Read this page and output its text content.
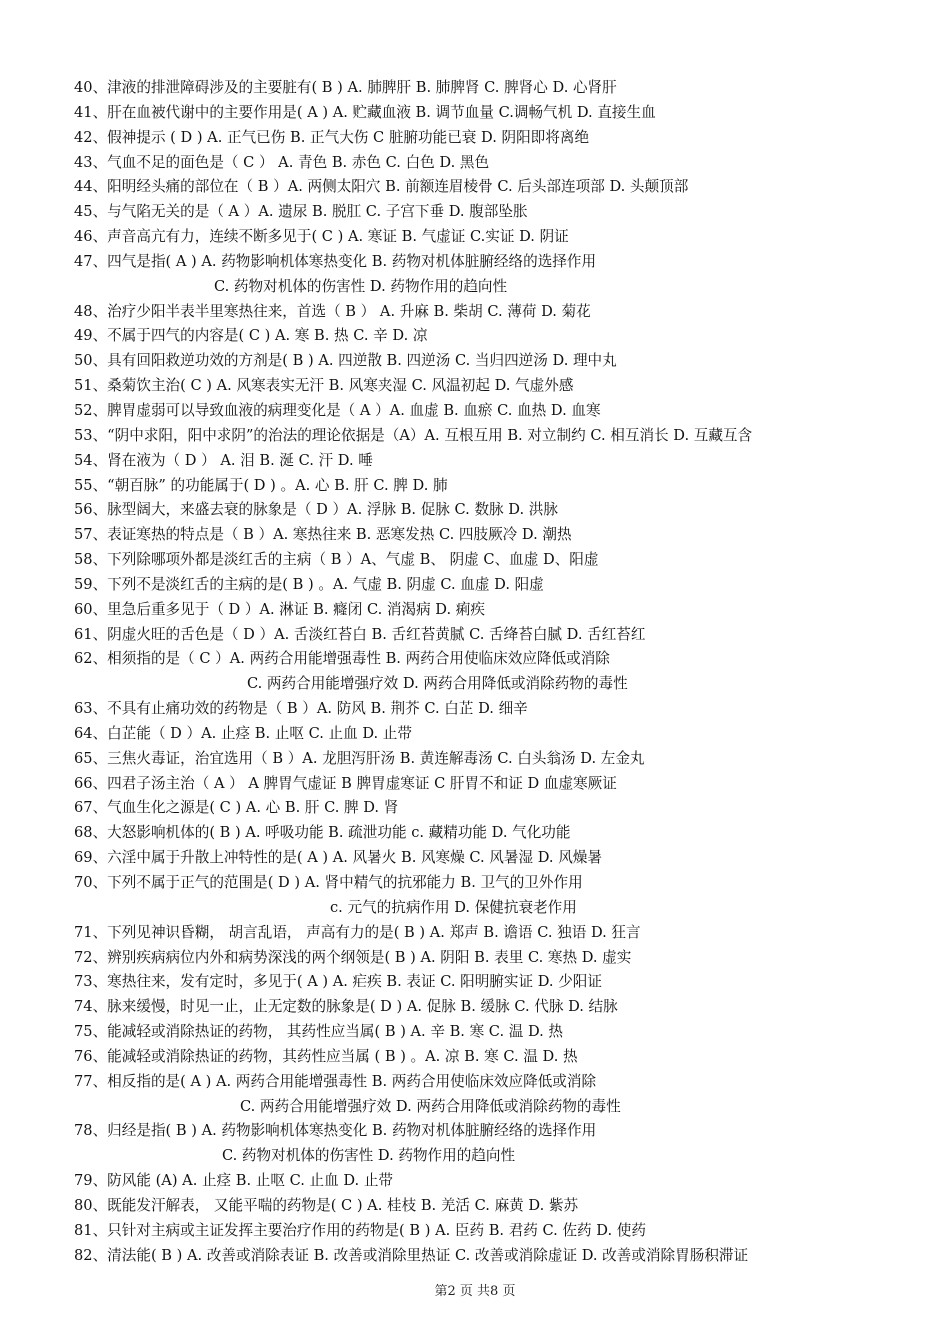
40、津液的排泄障碍涉及的主要脏有( B ) A. 肺脾肝 B. 肺脾肾 C. 脾肾心 D. 心肾肝
41、肝在血被代谢中的主要作用是( A ) A. 贮藏血液 B. 调节血量 C.调畅气机 D. 直接生血
42、假神提示 ( D ) A. 正气已伤 B. 正气大伤 C 脏腑功能已衰 D. 阴阳即将离绝
43、气血不足的面色是（ C ） A. 青色 B. 赤色 C. 白色 D. 黑色
44、阳明经头痛的部位在（ B ）A. 两侧太阳穴 B. 前额连眉棱骨 C. 后头部连项部 D. 头颠顶部
45、与气陷无关的是（ A ）A. 遗尿 B. 脱肛 C. 子宫下垂 D. 腹部坠胀
46、声音高亢有力，连续不断多见于( C ) A. 寒证 B. 气虚证 C.实证 D. 阴证
47、四气是指( A ) A. 药物影响机体寒热变化 B. 药物对机体脏腑经络的选择作用
C. 药物对机体的伤害性 D. 药物作用的趋向性
48、治疗少阳半表半里寒热往来，首选（ B ） A. 升麻 B. 柴胡 C. 薄荷 D. 菊花
49、不属于四气的内容是( C ) A. 寒 B. 热 C. 辛 D. 凉
50、具有回阳救逆功效的方剂是( B ) A. 四逆散 B. 四逆汤 C. 当归四逆汤 D. 理中丸
51、桑菊饮主治( C ) A. 风寒表实无汗 B. 风寒夹湿 C. 风温初起 D. 气虚外感
52、脾胃虚弱可以导致血液的病理变化是（ A ）A. 血虚 B. 血瘀 C. 血热 D. 血寒
53、“阴中求阳，阳中求阴”的治法的理论依据是（A）A. 互根互用 B. 对立制约 C. 相互消长 D. 互藏互含
54、肾在液为（ D ） A. 泪 B. 涎 C. 汗 D. 唾
55、“朝百脉” 的功能属于( D ) 。A. 心 B. 肝 C. 脾 D. 肺
56、脉型阔大，来盛去衰的脉象是（ D ）A. 浮脉 B. 促脉 C. 数脉 D. 洪脉
57、表证寒热的特点是（ B ）A. 寒热往来 B. 恶寒发热 C. 四肢厥冷 D. 潮热
58、下列除哪项外都是淡红舌的主病（ B ）A、气虚 B、 阴虚 C、血虚 D、阳虚
59、下列不是淡红舌的主病的是( B ) 。A. 气虚 B. 阴虚 C. 血虚 D. 阳虚
60、里急后重多见于（ D ）A. 淋证 B. 癃闭 C. 消渴病 D. 痢疾
61、阴虚火旺的舌色是（ D ）A. 舌淡红苔白 B. 舌红苔黄腻 C. 舌绛苔白腻 D. 舌红苔红
62、相须指的是（ C ）A. 两药合用能增强毒性 B. 两药合用使临床效应降低或消除
C. 两药合用能增强疗效 D. 两药合用降低或消除药物的毒性
63、不具有止痛功效的药物是（ B ）A. 防风 B. 荆芥 C. 白芷 D. 细辛
64、白芷能（ D ）A. 止痉 B. 止呕 C. 止血 D. 止带
65、三焦火毒证，治宜选用（ B ）A. 龙胆泻肝汤 B. 黄连解毒汤 C. 白头翁汤 D. 左金丸
66、四君子汤主治（ A ） A 脾胃气虚证 B 脾胃虚寒证 C 肝胃不和证 D 血虚寒厥证
67、气血生化之源是( C ) A. 心 B. 肝 C. 脾 D. 肾
68、大怒影响机体的( B ) A. 呼吸功能 B. 疏泄功能 c. 藏精功能 D. 气化功能
69、六淫中属于升散上冲特性的是( A ) A. 风暑火 B. 风寒燥 C. 风暑湿 D. 风燥暑
70、下列不属于正气的范围是( D ) A. 肾中精气的抗邪能力 B. 卫气的卫外作用
c. 元气的抗病作用 D. 保健抗衰老作用
71、下列见神识昏糊， 胡言乱语， 声高有力的是( B ) A. 郑声 B. 谵语 C. 独语 D. 狂言
72、辨别疾病病位内外和病势深浅的两个纲领是( B ) A. 阴阳 B. 表里 C. 寒热 D. 虚实
73、寒热往来，发有定时，多见于( A ) A. 疟疾 B. 表证 C. 阳明腑实证 D. 少阳证
74、脉来缓慢，时见一止，止无定数的脉象是( D ) A. 促脉 B. 缓脉 C. 代脉 D. 结脉
75、能减轻或消除热证的药物， 其药性应当属( B ) A. 辛 B. 寒 C. 温 D. 热
76、能减轻或消除热证的药物，其药性应当属 ( B ) 。A. 凉 B. 寒 C. 温 D. 热
77、相反指的是( A ) A. 两药合用能增强毒性 B. 两药合用使临床效应降低或消除
C. 两药合用能增强疗效 D. 两药合用降低或消除药物的毒性
78、归经是指( B ) A. 药物影响机体寒热变化 B. 药物对机体脏腑经络的选择作用
C. 药物对机体的伤害性 D. 药物作用的趋向性
79、防风能 (A) A. 止痉 B. 止呕 C. 止血 D. 止带
80、既能发汗解表， 又能平喘的药物是( C ) A. 桂枝 B. 羌活 C. 麻黄 D. 紫苏
81、只针对主病或主证发挥主要治疗作用的药物是( B ) A. 臣药 B. 君药 C. 佐药 D. 使药
82、清法能( B ) A. 改善或消除表证 B. 改善或消除里热证 C. 改善或消除虚证 D. 改善或消除胃肠积滞证
第2 页 共8 页
